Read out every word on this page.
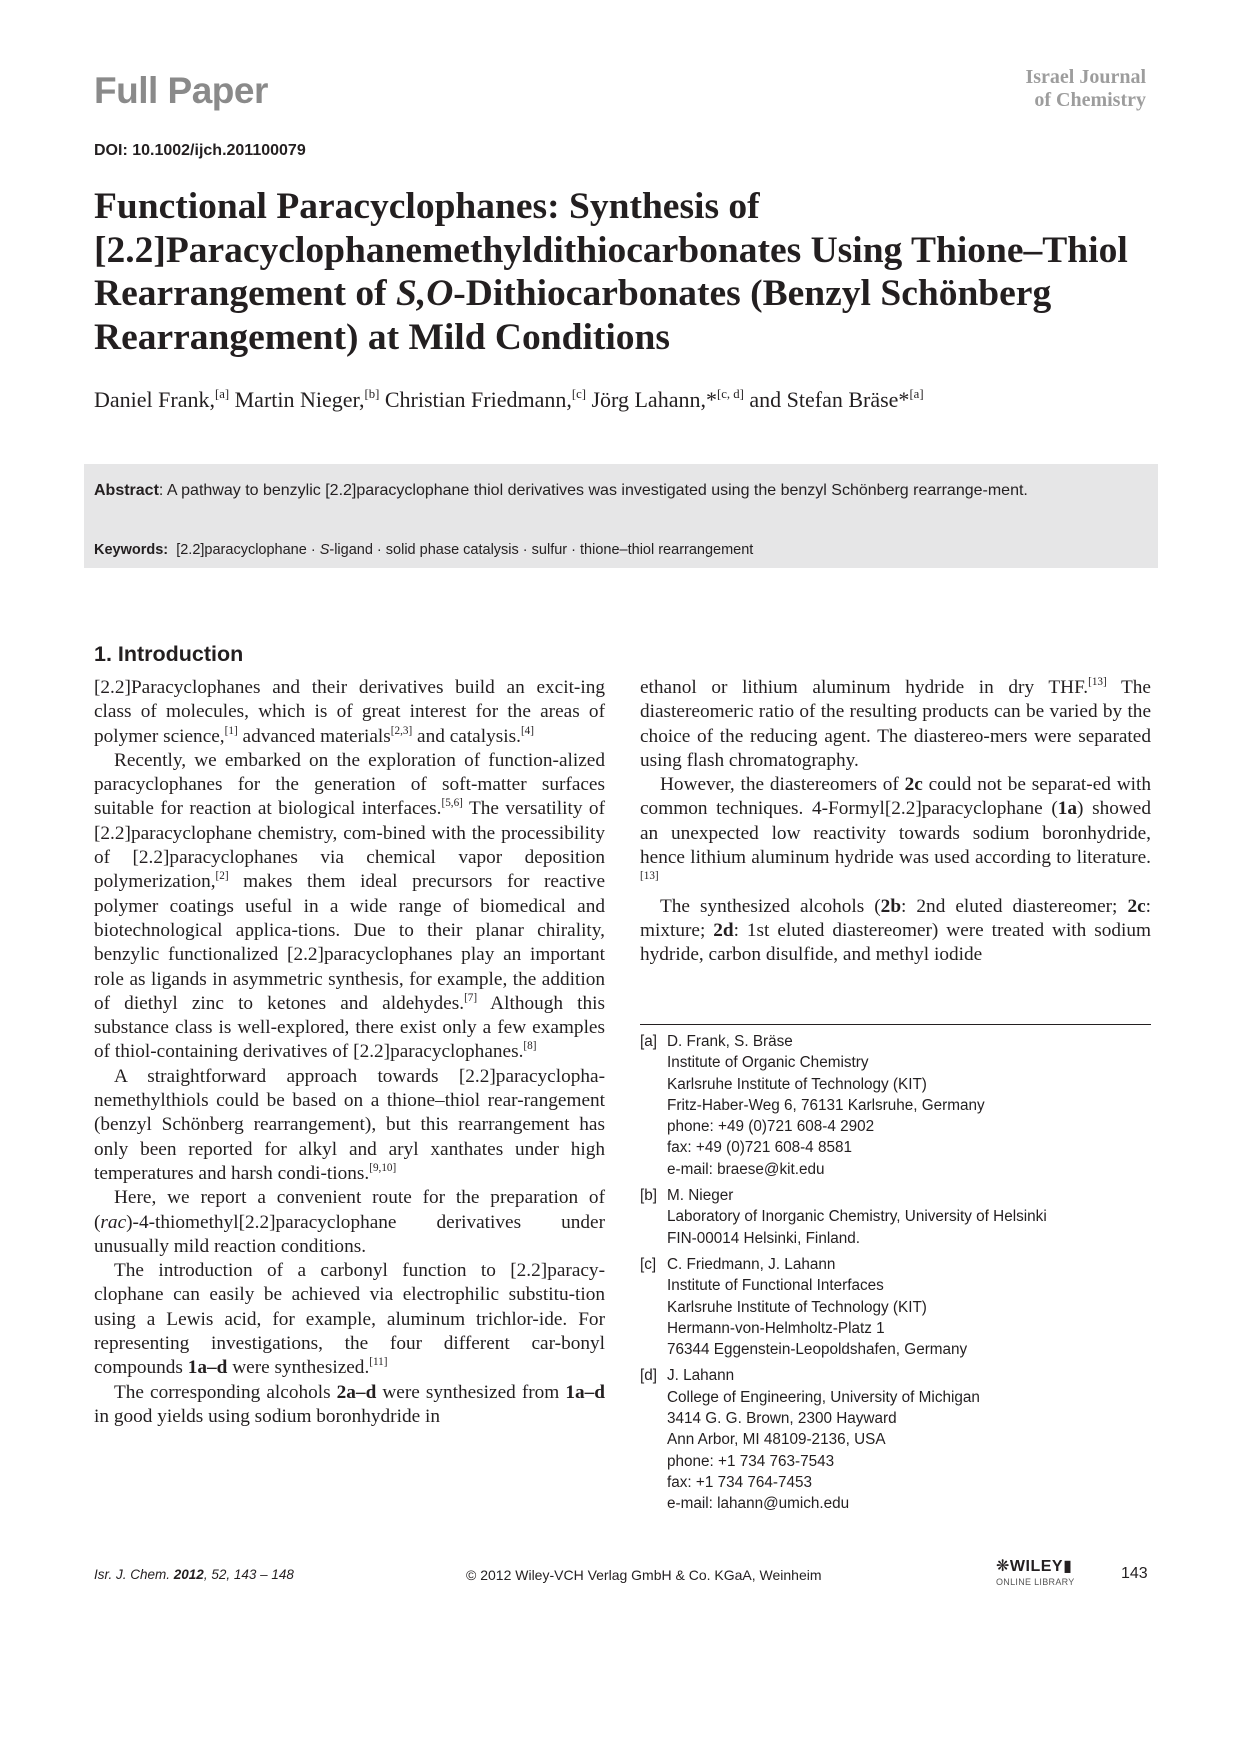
Full Paper	Israel Journal
of Chemistry
DOI: 10.1002/ijch.201100079
Functional Paracyclophanes: Synthesis of [2.2]Paracyclophanemethyldithiocarbonates Using Thione–Thiol Rearrangement of S,O-Dithiocarbonates (Benzyl Schönberg Rearrangement) at Mild Conditions
Daniel Frank,[a] Martin Nieger,[b] Christian Friedmann,[c] Jörg Lahann,*[c, d] and Stefan Bräse*[a]
Abstract: A pathway to benzylic [2.2]paracyclophane thiol derivatives was investigated using the benzyl Schönberg rearrange-ment.
Keywords: [2.2]paracyclophane · S-ligand · solid phase catalysis · sulfur · thione–thiol rearrangement
1. Introduction

[2.2]Paracyclophanes and their derivatives build an excit-ing class of molecules, which is of great interest for the areas of polymer science,[1] advanced materials[2,3] and catalysis.[4]

Recently, we embarked on the exploration of function-alized paracyclophanes for the generation of soft-matter surfaces suitable for reaction at biological interfaces.[5,6] The versatility of [2.2]paracyclophane chemistry, com-bined with the processibility of [2.2]paracyclophanes via chemical vapor deposition polymerization,[2] makes them ideal precursors for reactive polymer coatings useful in a wide range of biomedical and biotechnological applica-tions. Due to their planar chirality, benzylic functionalized [2.2]paracyclophanes play an important role as ligands in asymmetric synthesis, for example, the addition of diethyl zinc to ketones and aldehydes.[7] Although this substance class is well-explored, there exist only a few examples of thiol-containing derivatives of [2.2]paracyclophanes.[8]

A straightforward approach towards [2.2]paracyclopha-nemethylthiols could be based on a thione–thiol rear-rangement (benzyl Schönberg rearrangement), but this rearrangement has only been reported for alkyl and aryl xanthates under high temperatures and harsh condi-tions.[9,10]

Here, we report a convenient route for the preparation of (rac)-4-thiomethyl[2.2]paracyclophane derivatives under unusually mild reaction conditions.

The introduction of a carbonyl function to [2.2]paracy-clophane can easily be achieved via electrophilic substitu-tion using a Lewis acid, for example, aluminum trichlor-ide. For representing investigations, the four different car-bonyl compounds 1a–d were synthesized.[11]

The corresponding alcohols 2a–d were synthesized from 1a–d in good yields using sodium boronhydride in

ethanol or lithium aluminum hydride in dry THF.[13] The diastereomeric ratio of the resulting products can be varied by the choice of the reducing agent. The diastereo-mers were separated using flash chromatography.

However, the diastereomers of 2c could not be separat-ed with common techniques. 4-Formyl[2.2]paracyclophane (1a) showed an unexpected low reactivity towards sodium boronhydride, hence lithium aluminum hydride was used according to literature.[13]

The synthesized alcohols (2b: 2nd eluted diastereomer; 2c: mixture; 2d: 1st eluted diastereomer) were treated with sodium hydride, carbon disulfide, and methyl iodide

[a] D. Frank, S. Bräse
Institute of Organic Chemistry
Karlsruhe Institute of Technology (KIT)
Fritz-Haber-Weg 6, 76131 Karlsruhe, Germany
phone: +49 (0)721 608-4 2902
fax: +49 (0)721 608-4 8581
e-mail: braese@kit.edu
[b] M. Nieger
Laboratory of Inorganic Chemistry, University of Helsinki
FIN-00014 Helsinki, Finland.
[c] C. Friedmann, J. Lahann
Institute of Functional Interfaces
Karlsruhe Institute of Technology (KIT)
Hermann-von-Helmholtz-Platz 1
76344 Eggenstein-Leopoldshafen, Germany
[d] J. Lahann
College of Engineering, University of Michigan
3414 G. G. Brown, 2300 Hayward
Ann Arbor, MI 48109-2136, USA
phone: +1 734 763-7543
fax: +1 734 764-7453
e-mail: lahann@umich.edu
Isr. J. Chem. 2012, 52, 143 – 148	© 2012 Wiley-VCH Verlag GmbH & Co. KGaA, Weinheim	❋WILEY▮
ONLINE LIBRARY	143
